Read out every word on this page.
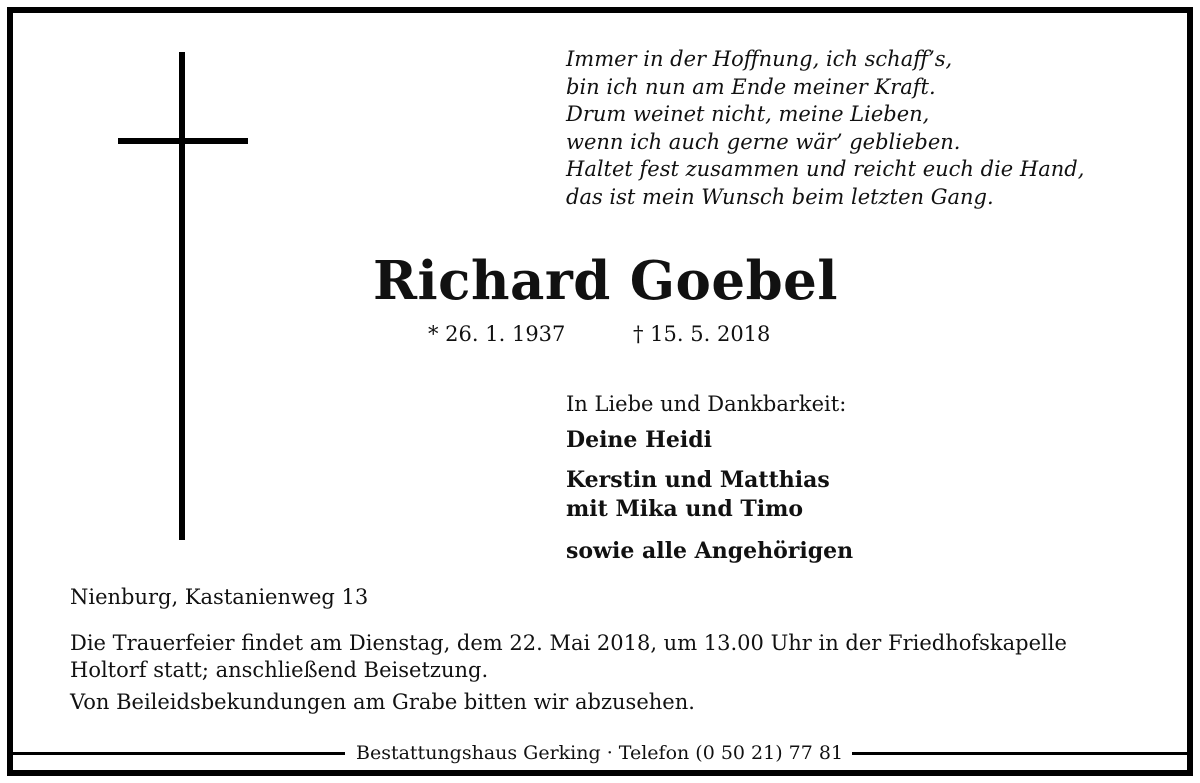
Immer in der Hoffnung, ich schaff’s,
bin ich nun am Ende meiner Kraft.
Drum weinet nicht, meine Lieben,
wenn ich auch gerne wär’ geblieben.
Haltet fest zusammen und reicht euch die Hand,
das ist mein Wunsch beim letzten Gang.
Richard Goebel
* 26. 1. 1937	† 15. 5. 2018
In Liebe und Dankbarkeit:
Deine Heidi
Kerstin und Matthias
mit Mika und Timo
sowie alle Angehörigen
Nienburg, Kastanienweg 13
Die Trauerfeier findet am Dienstag, dem 22. Mai 2018, um 13.00 Uhr in der Friedhofskapelle
Holtorf statt; anschließend Beisetzung.
Von Beileidsbekundungen am Grabe bitten wir abzusehen.
Bestattungshaus Gerking · Telefon (0 50 21) 77 81
